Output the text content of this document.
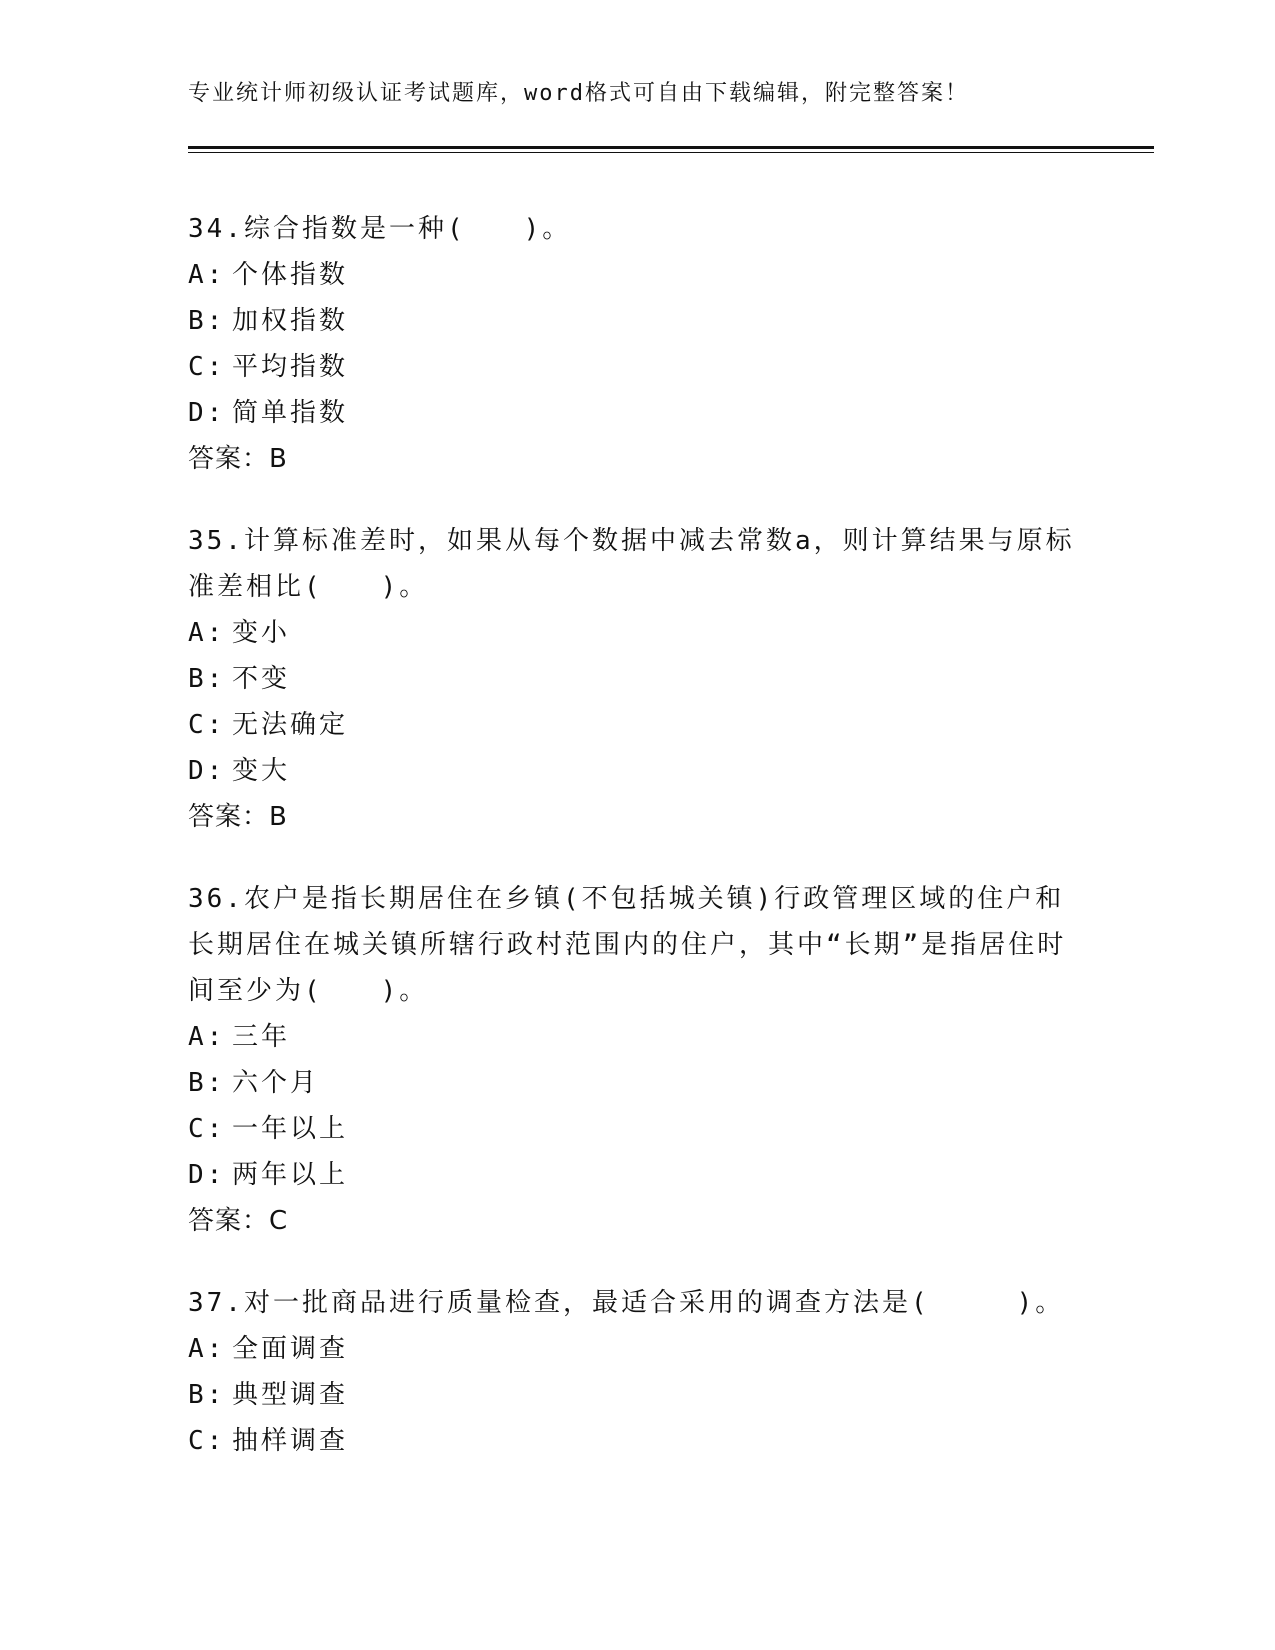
专业统计师初级认证考试题库，word格式可自由下载编辑，附完整答案！
34.综合指数是一种(　　)。
A: 个体指数
B: 加权指数
C: 平均指数
D: 简单指数
答案：B
35.计算标准差时，如果从每个数据中减去常数a，则计算结果与原标准差相比(　　)。
A: 变小
B: 不变
C: 无法确定
D: 变大
答案：B
36.农户是指长期居住在乡镇(不包括城关镇)行政管理区域的住户和长期居住在城关镇所辖行政村范围内的住户，其中“长期”是指居住时间至少为(　　)。
A: 三年
B: 六个月
C: 一年以上
D: 两年以上
答案：C
37.对一批商品进行质量检查，最适合采用的调查方法是(　　　)。
A: 全面调查
B: 典型调查
C: 抽样调查
